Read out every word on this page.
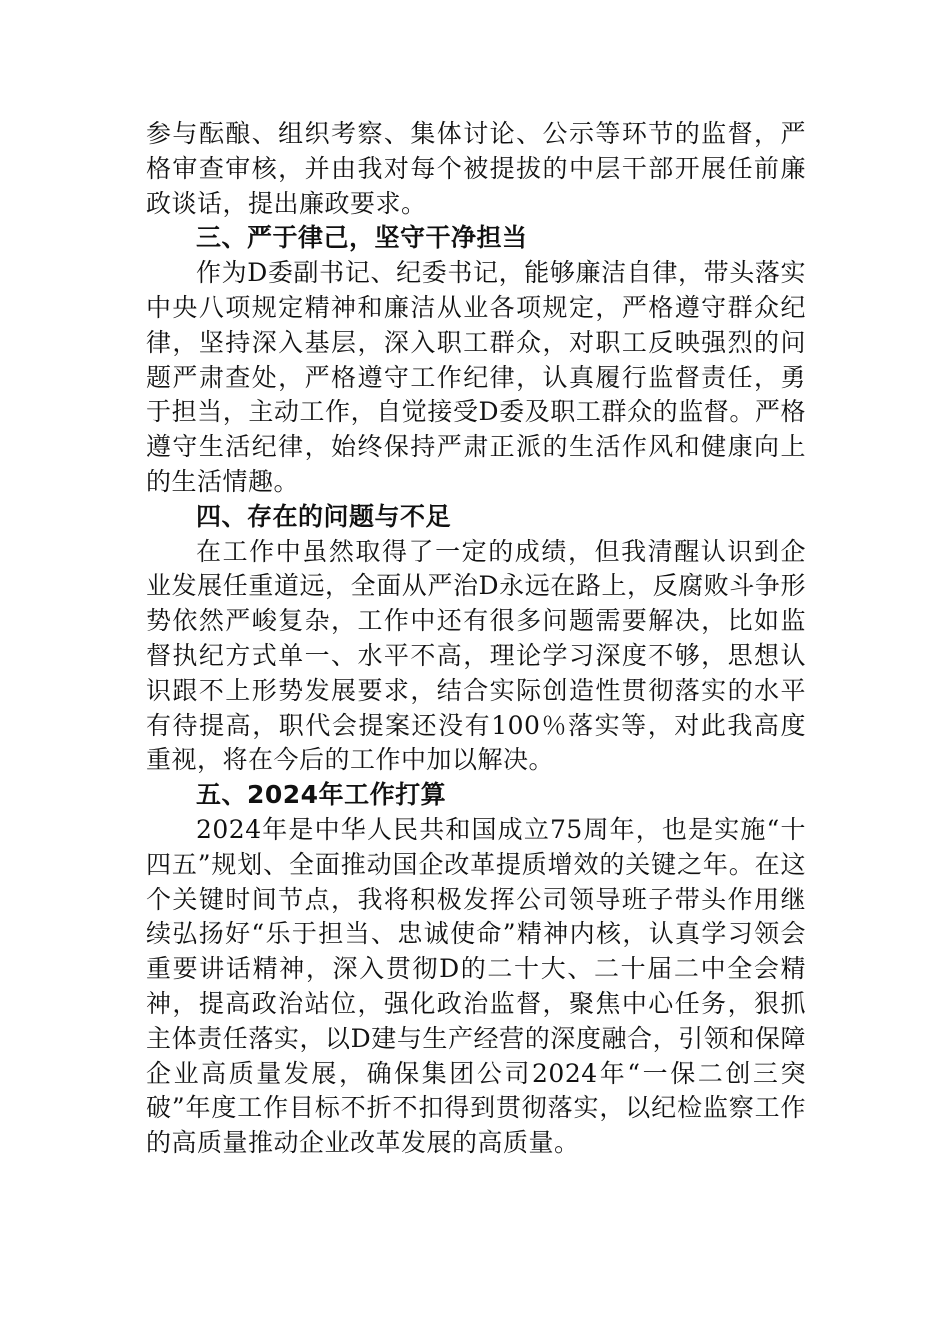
参与酝酿、组织考察、集体讨论、公示等环节的监督，严格审查审核，并由我对每个被提拔的中层干部开展任前廉政谈话，提出廉政要求。

三、严于律己，坚守干净担当

作为D委副书记、纪委书记，能够廉洁自律，带头落实中央八项规定精神和廉洁从业各项规定，严格遵守群众纪律，坚持深入基层，深入职工群众，对职工反映强烈的问题严肃查处，严格遵守工作纪律，认真履行监督责任，勇于担当，主动工作，自觉接受D委及职工群众的监督。严格遵守生活纪律，始终保持严肃正派的生活作风和健康向上的生活情趣。

四、存在的问题与不足

在工作中虽然取得了一定的成绩，但我清醒认识到企业发展任重道远，全面从严治D永远在路上，反腐败斗争形势依然严峻复杂，工作中还有很多问题需要解决，比如监督执纪方式单一、水平不高，理论学习深度不够，思想认识跟不上形势发展要求，结合实际创造性贯彻落实的水平有待提高，职代会提案还没有100％落实等，对此我高度重视，将在今后的工作中加以解决。

五、2024年工作打算

2024年是中华人民共和国成立75周年，也是实施“十四五”规划、全面推动国企改革提质增效的关键之年。在这个关键时间节点，我将积极发挥公司领导班子带头作用继续弘扬好“乐于担当、忠诚使命”精神内核，认真学习领会重要讲话精神，深入贯彻D的二十大、二十届二中全会精神，提高政治站位，强化政治监督，聚焦中心任务，狠抓主体责任落实，以D建与生产经营的深度融合，引领和保障企业高质量发展，确保集团公司2024年“一保二创三突破”年度工作目标不折不扣得到贯彻落实，以纪检监察工作的高质量推动企业改革发展的高质量。
